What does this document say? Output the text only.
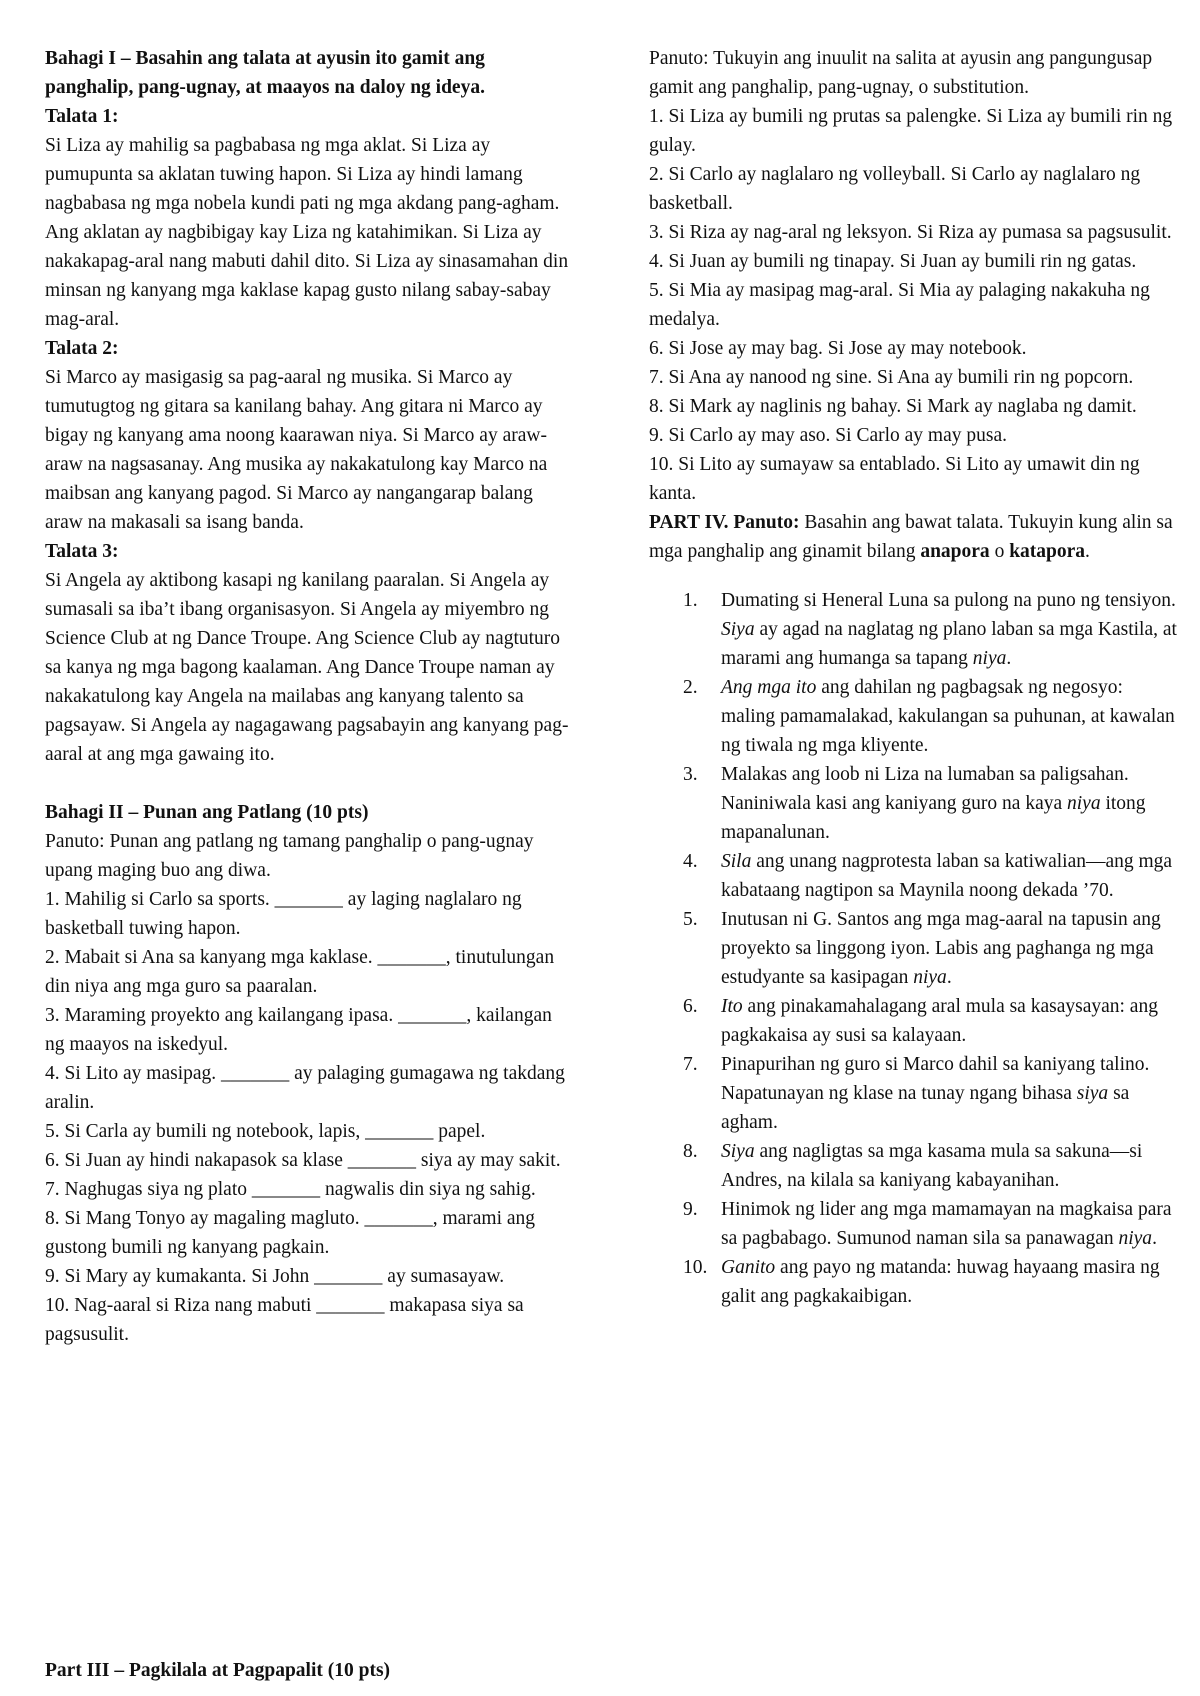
Bahagi I – Basahin ang talata at ayusin ito gamit ang panghalip, pang-ugnay, at maayos na daloy ng ideya.

Talata 1:

Si Liza ay mahilig sa pagbabasa ng mga aklat. Si Liza ay pumupunta sa aklatan tuwing hapon. Si Liza ay hindi lamang nagbabasa ng mga nobela kundi pati ng mga akdang pang-agham. Ang aklatan ay nagbibigay kay Liza ng katahimikan. Si Liza ay nakakapag-aral nang mabuti dahil dito. Si Liza ay sinasamahan din minsan ng kanyang mga kaklase kapag gusto nilang sabay-sabay mag-aral.

Talata 2:

Si Marco ay masigasig sa pag-aaral ng musika. Si Marco ay tumutugtog ng gitara sa kanilang bahay. Ang gitara ni Marco ay bigay ng kanyang ama noong kaarawan niya. Si Marco ay araw-araw na nagsasanay. Ang musika ay nakakatulong kay Marco na maibsan ang kanyang pagod. Si Marco ay nangangarap balang araw na makasali sa isang banda.

Talata 3:

Si Angela ay aktibong kasapi ng kanilang paaralan. Si Angela ay sumasali sa iba’t ibang organisasyon. Si Angela ay miyembro ng Science Club at ng Dance Troupe. Ang Science Club ay nagtuturo sa kanya ng mga bagong kaalaman. Ang Dance Troupe naman ay nakakatulong kay Angela na mailabas ang kanyang talento sa pagsayaw. Si Angela ay nagagawang pagsabayin ang kanyang pag-aaral at ang mga gawaing ito.

Bahagi II – Punan ang Patlang (10 pts)

Panuto: Punan ang patlang ng tamang panghalip o pang-ugnay upang maging buo ang diwa.

1. Mahilig si Carlo sa sports. _______ ay laging naglalaro ng basketball tuwing hapon.

2. Mabait si Ana sa kanyang mga kaklase. _______, tinutulungan din niya ang mga guro sa paaralan.

3. Maraming proyekto ang kailangang ipasa. _______, kailangan ng maayos na iskedyul.

4. Si Lito ay masipag. _______ ay palaging gumagawa ng takdang aralin.

5. Si Carla ay bumili ng notebook, lapis, _______ papel.

6. Si Juan ay hindi nakapasok sa klase _______ siya ay may sakit.

7. Naghugas siya ng plato _______ nagwalis din siya ng sahig.

8. Si Mang Tonyo ay magaling magluto. _______, marami ang gustong bumili ng kanyang pagkain.

9. Si Mary ay kumakanta. Si John _______ ay sumasayaw.

10. Nag-aaral si Riza nang mabuti _______ makapasa siya sa pagsusulit.

Panuto: Tukuyin ang inuulit na salita at ayusin ang pangungusap gamit ang panghalip, pang-ugnay, o substitution.

1. Si Liza ay bumili ng prutas sa palengke. Si Liza ay bumili rin ng gulay.

2. Si Carlo ay naglalaro ng volleyball. Si Carlo ay naglalaro ng basketball.

3. Si Riza ay nag-aral ng leksyon. Si Riza ay pumasa sa pagsusulit.

4. Si Juan ay bumili ng tinapay. Si Juan ay bumili rin ng gatas.

5. Si Mia ay masipag mag-aral. Si Mia ay palaging nakakuha ng medalya.

6. Si Jose ay may bag. Si Jose ay may notebook.

7. Si Ana ay nanood ng sine. Si Ana ay bumili rin ng popcorn.

8. Si Mark ay naglinis ng bahay. Si Mark ay naglaba ng damit.

9. Si Carlo ay may aso. Si Carlo ay may pusa.

10. Si Lito ay sumayaw sa entablado. Si Lito ay umawit din ng kanta.

PART IV. Panuto: Basahin ang bawat talata. Tukuyin kung alin sa mga panghalip ang ginamit bilang anapora o katapora.

1. Dumating si Heneral Luna sa pulong na puno ng tensiyon. Siya ay agad na naglatag ng plano laban sa mga Kastila, at marami ang humanga sa tapang niya.
2. Ang mga ito ang dahilan ng pagbagsak ng negosyo: maling pamamalakad, kakulangan sa puhunan, at kawalan ng tiwala ng mga kliyente.
3. Malakas ang loob ni Liza na lumaban sa paligsahan. Naniniwala kasi ang kaniyang guro na kaya niya itong mapanalunan.
4. Sila ang unang nagprotesta laban sa katiwalian—ang mga kabataang nagtipon sa Maynila noong dekada ’70.
5. Inutusan ni G. Santos ang mga mag-aaral na tapusin ang proyekto sa linggong iyon. Labis ang paghanga ng mga estudyante sa kasipagan niya.
6. Ito ang pinakamahalagang aral mula sa kasaysayan: ang pagkakaisa ay susi sa kalayaan.
7. Pinapurihan ng guro si Marco dahil sa kaniyang talino. Napatunayan ng klase na tunay ngang bihasa siya sa agham.
8. Siya ang nagligtas sa mga kasama mula sa sakuna—si Andres, na kilala sa kaniyang kabayanihan.
9. Hinimok ng lider ang mga mamamayan na magkaisa para sa pagbabago. Sumunod naman sila sa panawagan niya.
10. Ganito ang payo ng matanda: huwag hayaang masira ng galit ang pagkakaibigan.

Part III – Pagkilala at Pagpapalit (10 pts)
